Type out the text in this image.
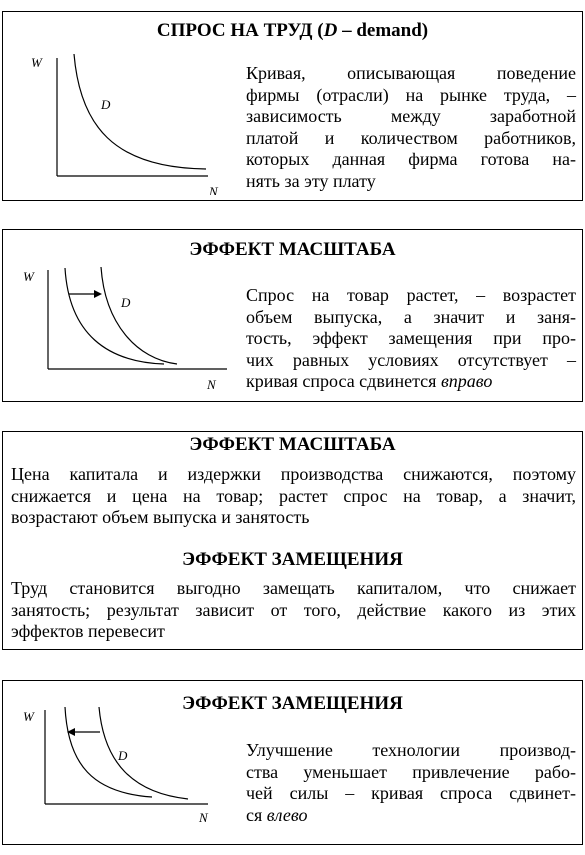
СПРОС НА ТРУД (D – demand)
W
D
N
Кривая, описывающая поведение
фирмы (отрасли) на рынке труда, –
зависимость между заработной
платой и количеством работников,
которых данная фирма готова на-
нять за эту плату
ЭФФЕКТ МАСШТАБА
W
D
N
Спрос на товар растет, – возрастет
объем выпуска, а значит и заня-
тость, эффект замещения при про-
чих равных условиях отсутствует –
кривая спроса сдвинется вправо
ЭФФЕКТ МАСШТАБА
Цена капитала и издержки производства снижаются, поэтому
снижается и цена на товар; растет спрос на товар, а значит,
возрастают объем выпуска и занятость
ЭФФЕКТ ЗАМЕЩЕНИЯ
Труд становится выгодно замещать капиталом, что снижает
занятость; результат зависит от того, действие какого из этих
эффектов перевесит
ЭФФЕКТ ЗАМЕЩЕНИЯ
W
D
N
Улучшение технологии производ-
ства уменьшает привлечение рабо-
чей силы – кривая спроса сдвинет-
ся влево
